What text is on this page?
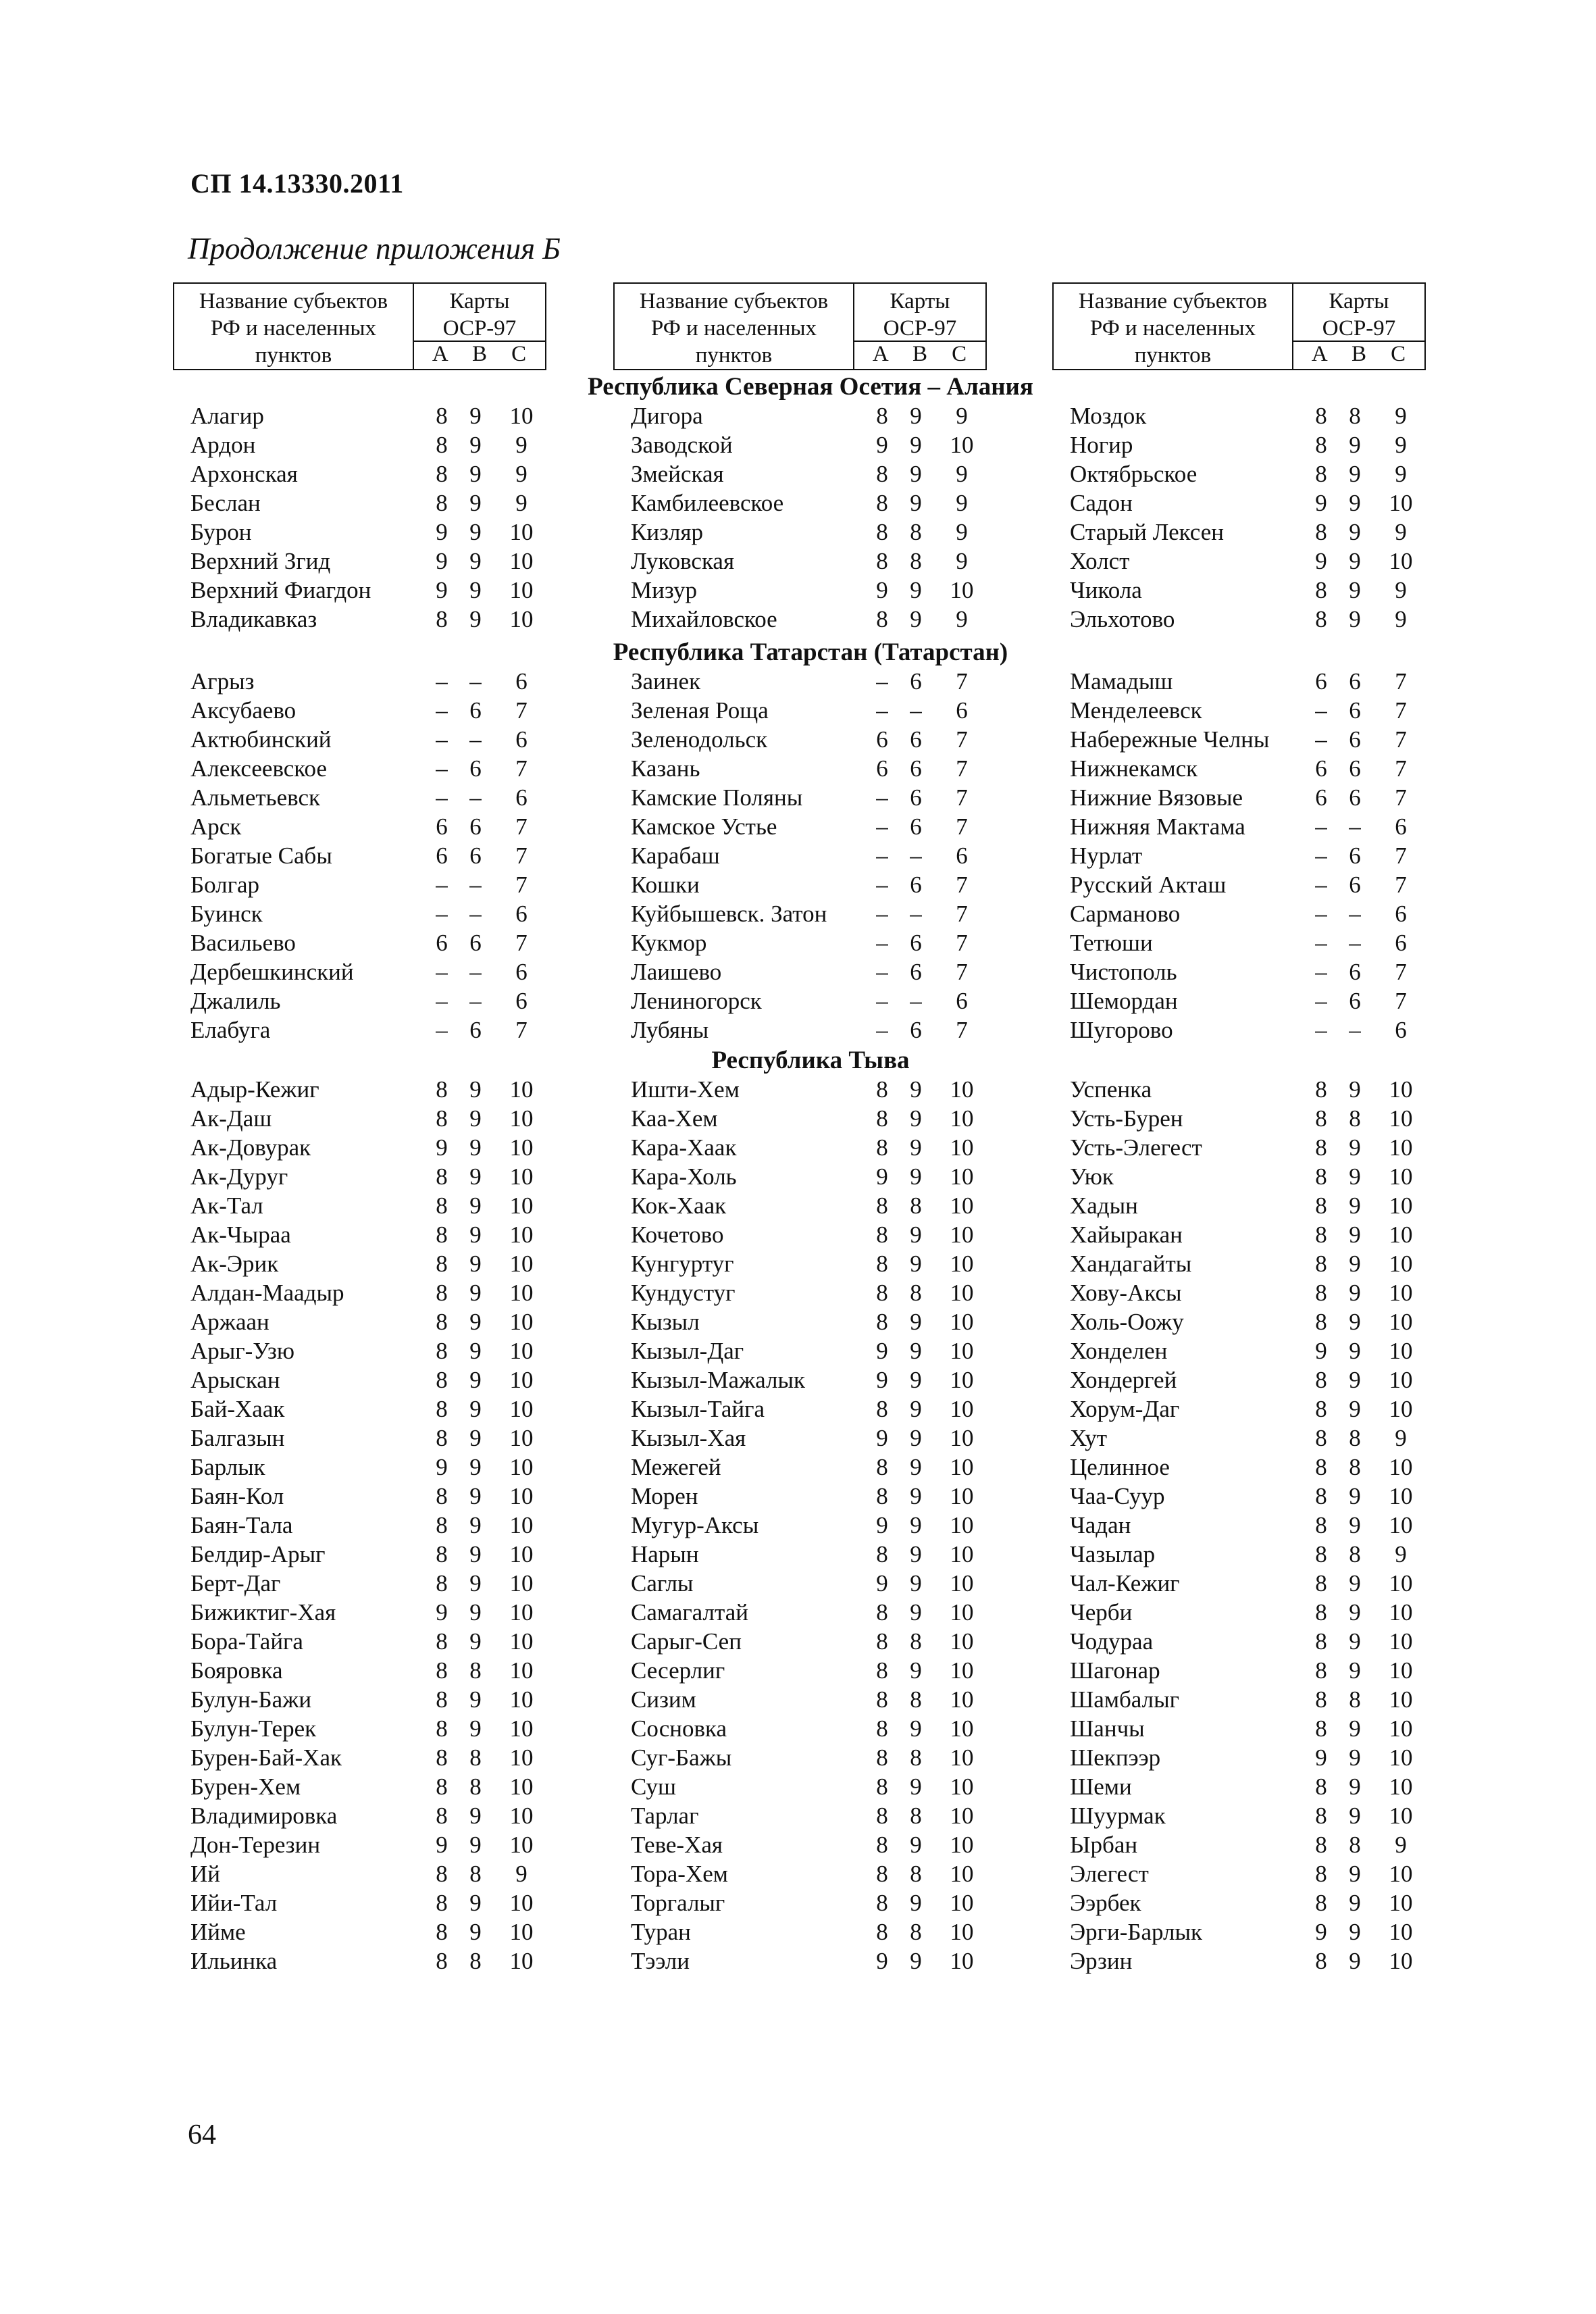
СП 14.13330.2011
Продолжение приложения Б
Название субъектов
РФ и населенных
пунктов
Карты
ОСР-97
А В С
Название субъектов
РФ и населенных
пунктов
Карты
ОСР-97
А В С
Название субъектов
РФ и населенных
пунктов
Карты
ОСР-97
А В С
Республика Северная Осетия – Алания
Алагир	8 9	10
Ардон	8 9	9
Архонская	8 9	9
Беслан	8 9	9
Бурон	9 9	10
Верхний Згид	9 9	10
Верхний Фиагдон	9 9	10
Владикавказ	8 9	10
Дигора	8 9	9
Заводской	9 9	10
Змейская	8 9	9
Камбилеевское	8 9	9
Кизляр	8 8	9
Луковская	8 8	9
Мизур	9 9	10
Михайловское	8 9	9
Моздок	8 8	9
Ногир	8 9	9
Октябрьское	8 9	9
Садон	9 9	10
Старый Лексен	8 9	9
Холст	9 9	10
Чикола	8 9	9
Эльхотово	8 9	9
Республика Татарстан (Татарстан)
Агрыз	– –	6
Аксубаево	– 6	7
Актюбинский	– –	6
Алексеевское	– 6	7
Альметьевск	– –	6
Арск	6 6	7
Богатые Сабы	6 6	7
Болгар	– –	7
Буинск	– –	6
Васильево	6 6	7
Дербешкинский	– –	6
Джалиль	– –	6
Елабуга	– 6	7
Заинек	– 6	7
Зеленая Роща	– –	6
Зеленодольск	6 6	7
Казань	6 6	7
Камские Поляны	– 6	7
Камское Устье	– 6	7
Карабаш	– –	6
Кошки	– 6	7
Куйбышевск. Затон	– –	7
Кукмор	– 6	7
Лаишево	– 6	7
Лениногорск	– –	6
Лубяны	– 6	7
Мамадыш	6 6	7
Менделеевск	– 6	7
Набережные Челны	– 6	7
Нижнекамск	6 6	7
Нижние Вязовые	6 6	7
Нижняя Мактама	– –	6
Нурлат	– 6	7
Русский Акташ	– 6	7
Сарманово	– –	6
Тетюши	– –	6
Чистополь	– 6	7
Шемордан	– 6	7
Шугорово	– –	6
Республика Тыва
Адыр-Кежиг	8 9	10
Ак-Даш	8 9	10
Ак-Довурак	9 9	10
Ак-Дуруг	8 9	10
Ак-Тал	8 9	10
Ак-Чыраа	8 9	10
Ак-Эрик	8 9	10
Алдан-Маадыр	8 9	10
Аржаан	8 9	10
Арыг-Узю	8 9	10
Арыскан	8 9	10
Бай-Хаак	8 9	10
Балгазын	8 9	10
Барлык	9 9	10
Баян-Кол	8 9	10
Баян-Тала	8 9	10
Белдир-Арыг	8 9	10
Берт-Даг	8 9	10
Бижиктиг-Хая	9 9	10
Бора-Тайга	8 9	10
Бояровка	8 8	10
Булун-Бажи	8 9	10
Булун-Терек	8 9	10
Бурен-Бай-Хак	8 8	10
Бурен-Хем	8 8	10
Владимировка	8 9	10
Дон-Терезин	9 9	10
Ий	8 8	9
Ийи-Тал	8 9	10
Ийме	8 9	10
Ильинка	8 8	10
Ишти-Хем	8 9	10
Каа-Хем	8 9	10
Кара-Хаак	8 9	10
Кара-Холь	9 9	10
Кок-Хаак	8 8	10
Кочетово	8 9	10
Кунгуртуг	8 9	10
Кундустуг	8 8	10
Кызыл	8 9	10
Кызыл-Даг	9 9	10
Кызыл-Мажалык	9 9	10
Кызыл-Тайга	8 9	10
Кызыл-Хая	9 9	10
Межегей	8 9	10
Морен	8 9	10
Мугур-Аксы	9 9	10
Нарын	8 9	10
Саглы	9 9	10
Самагалтай	8 9	10
Сарыг-Сеп	8 8	10
Сесерлиг	8 9	10
Сизим	8 8	10
Сосновка	8 9	10
Суг-Бажы	8 8	10
Суш	8 9	10
Тарлаг	8 8	10
Теве-Хая	8 9	10
Тора-Хем	8 8	10
Торгалыг	8 9	10
Туран	8 8	10
Тээли	9 9	10
Успенка	8 9	10
Усть-Бурен	8 8	10
Усть-Элегест	8 9	10
Уюк	8 9	10
Хадын	8 9	10
Хайыракан	8 9	10
Хандагайты	8 9	10
Хову-Аксы	8 9	10
Холь-Оожу	8 9	10
Хонделен	9 9	10
Хондергей	8 9	10
Хорум-Даг	8 9	10
Хут	8 8	9
Целинное	8 8	10
Чаа-Суур	8 9	10
Чадан	8 9	10
Чазылар	8 8	9
Чал-Кежиг	8 9	10
Черби	8 9	10
Чодураа	8 9	10
Шагонар	8 9	10
Шамбалыг	8 8	10
Шанчы	8 9	10
Шекпээр	9 9	10
Шеми	8 9	10
Шуурмак	8 9	10
Ырбан	8 8	9
Элегест	8 9	10
Ээрбек	8 9	10
Эрги-Барлык	9 9	10
Эрзин	8 9	10
64
